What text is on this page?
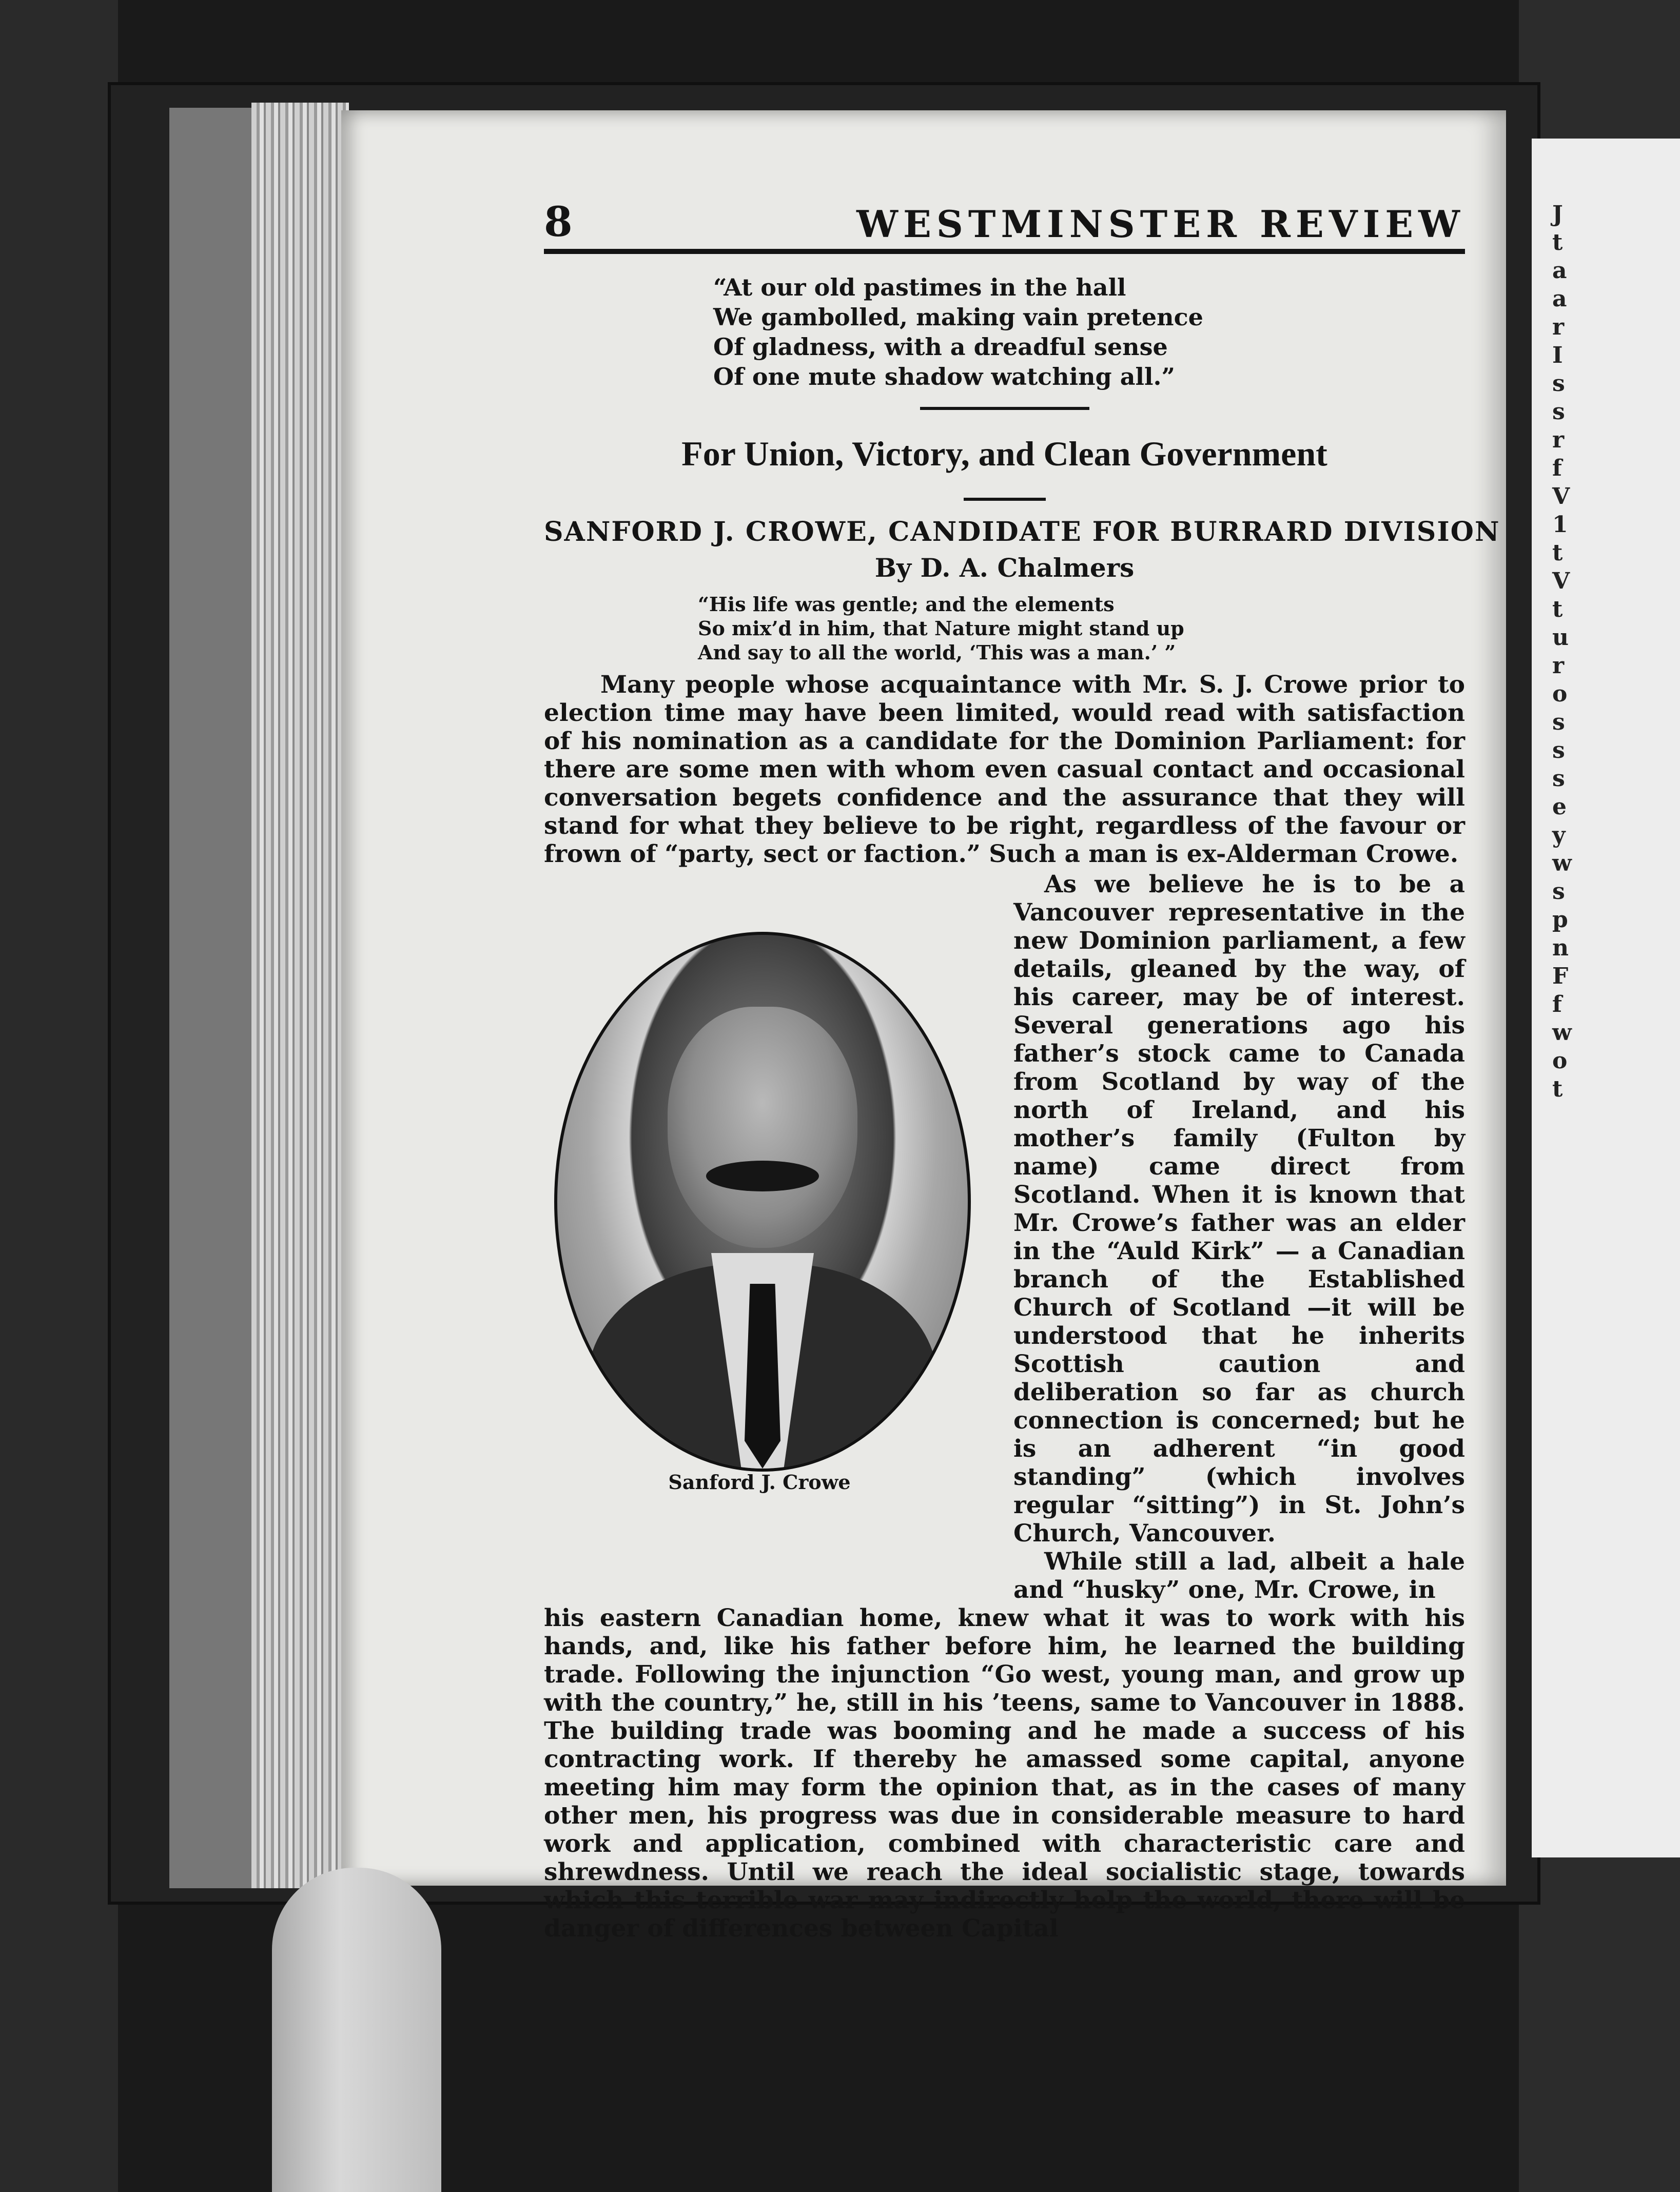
J
t
a
a
r
I
s
s
r
f
V
1
t
V
t
u
r
o
s
s
s
e
y
w
s
p
n
F
f
w
o
t
8	WESTMINSTER REVIEW
“At our old pastimes in the hall
We gambolled, making vain pretence
Of gladness, with a dreadful sense
Of one mute shadow watching all.”
For Union, Victory, and Clean Government
SANFORD J. CROWE, CANDIDATE FOR BURRARD DIVISION
By D. A. Chalmers
“His life was gentle; and the elements
So mix’d in him, that Nature might stand up
And say to all the world, ‘This was a man.’ ”
Many people whose acquaintance with Mr. S. J. Crowe prior to election time may have been limited, would read with satisfaction of his nomination as a candidate for the Dominion Parliament: for there are some men with whom even casual contact and occasional conversation begets confidence and the assurance that they will stand for what they believe to be right, regardless of the favour or frown of “party, sect or faction.” Such a man is ex-Alderman Crowe.
Sanford J. Crowe
As we believe he is to be a Vancouver representative in the new Dominion parliament, a few details, gleaned by the way, of his career, may be of interest. Several generations ago his father’s stock came to Canada from Scotland by way of the north of Ireland, and his mother’s family (Fulton by name) came direct from Scotland. When it is known that Mr. Crowe’s father was an elder in the “Auld Kirk” — a Canadian branch of the Established Church of Scotland —it will be understood that he inherits Scottish caution and deliberation so far as church connection is concerned; but he is an adherent “in good standing” (which involves regular “sitting”) in St. John’s Church, Vancouver.
While still a lad, albeit a hale and “husky” one, Mr. Crowe, in
his eastern Canadian home, knew what it was to work with his hands, and, like his father before him, he learned the building trade. Following the injunction “Go west, young man, and grow up with the country,” he, still in his ’teens, same to Vancouver in 1888. The building trade was booming and he made a success of his contracting work. If thereby he amassed some capital, anyone meeting him may form the opinion that, as in the cases of many other men, his progress was due in considerable measure to hard work and application, combined with characteristic care and shrewdness. Until we reach the ideal socialistic stage, towards which this terrible war may indirectly help the world, there will be danger of differences between Capital
